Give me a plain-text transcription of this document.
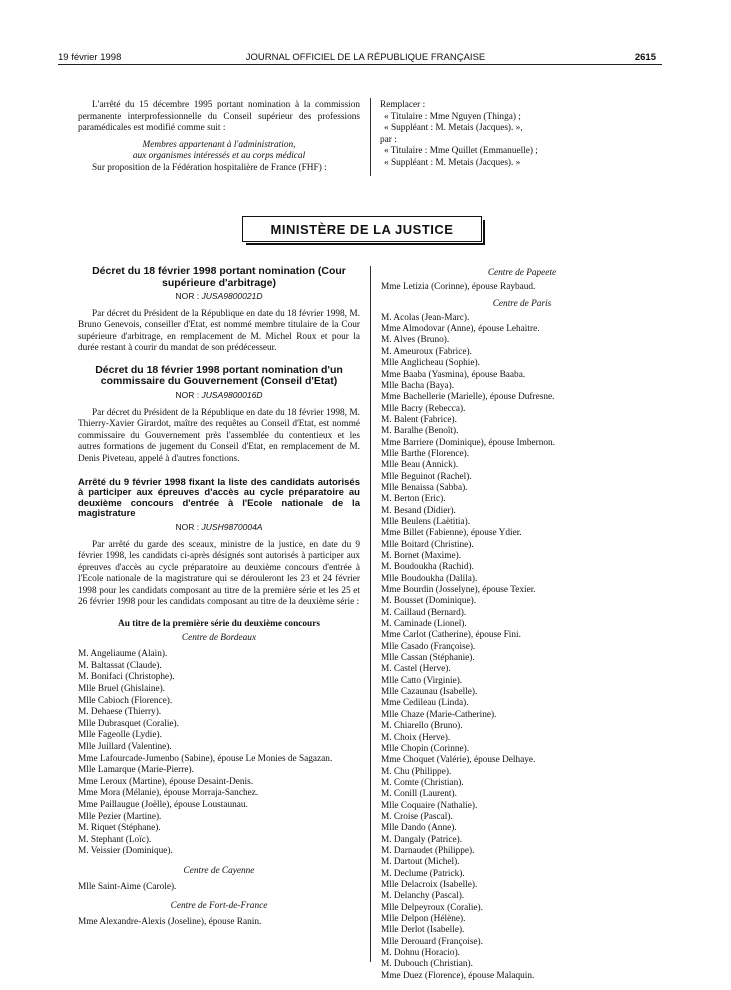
19 février 1998	JOURNAL OFFICIEL DE LA RÉPUBLIQUE FRANÇAISE	2615

L'arrêté du 15 décembre 1995 portant nomination à la commission permanente interprofessionnelle du Conseil supérieur des professions paramédicales est modifié comme suit :

Membres appartenant à l'administration,

aux organismes intéressés et au corps médical

Sur proposition de la Fédération hospitalière de France (FHF) :

Remplacer :

« Titulaire : Mme Nguyen (Thinga) ;

« Suppléant : M. Metais (Jacques). »,

par :

« Titulaire : Mme Quillet (Emmanuelle) ;

« Suppléant : M. Metais (Jacques). »

MINISTÈRE DE LA JUSTICE

Décret du 18 février 1998 portant nomination (Cour supérieure d'arbitrage)

NOR : JUSA9800021D

Par décret du Président de la République en date du 18 février 1998, M. Bruno Genevois, conseiller d'Etat, est nommé membre titulaire de la Cour supérieure d'arbitrage, en remplacement de M. Michel Roux et pour la durée restant à courir du mandat de son prédécesseur.

Décret du 18 février 1998 portant nomination d'un commissaire du Gouvernement (Conseil d'Etat)

NOR : JUSA9800016D

Par décret du Président de la République en date du 18 février 1998, M. Thierry-Xavier Girardot, maître des requêtes au Conseil d'Etat, est nommé commissaire du Gouvernement près l'assemblée du contentieux et les autres formations de jugement du Conseil d'Etat, en remplacement de M. Denis Piveteau, appelé à d'autres fonctions.

Arrêté du 9 février 1998 fixant la liste des candidats autorisés à participer aux épreuves d'accès au cycle préparatoire au deuxième concours d'entrée à l'Ecole nationale de la magistrature

NOR : JUSH9870004A

Par arrêté du garde des sceaux, ministre de la justice, en date du 9 février 1998, les candidats ci-après désignés sont autorisés à participer aux épreuves d'accès au cycle préparatoire au deuxième concours d'entrée à l'Ecole nationale de la magistrature qui se dérouleront les 23 et 24 février 1998 pour les candidats composant au titre de la première série et les 25 et 26 février 1998 pour les candidats composant au titre de la deuxième série :

Au titre de la première série du deuxième concours

Centre de Bordeaux

M. Angeliaume (Alain).

M. Baltassat (Claude).

M. Bonifaci (Christophe).

Mlle Bruel (Ghislaine).

Mlle Cabioch (Florence).

M. Dehaese (Thierry).

Mlle Dubrasquet (Coralie).

Mlle Fageolle (Lydie).

Mlle Juillard (Valentine).

Mme Lafourcade-Jumenbo (Sabine), épouse Le Monies de Sagazan.

Mlle Lamarque (Marie-Pierre).

Mme Leroux (Martine), épouse Desaint-Denis.

Mme Mora (Mélanie), épouse Morraja-Sanchez.

Mme Paillaugue (Joëlle), épouse Loustaunau.

Mlle Pezier (Martine).

M. Riquet (Stéphane).

M. Stephant (Loïc).

M. Veissier (Dominique).

Centre de Cayenne

Mlle Saint-Aime (Carole).

Centre de Fort-de-France

Mme Alexandre-Alexis (Joseline), épouse Ranin.

Centre de Papeete

Mme Letizia (Corinne), épouse Raybaud.

Centre de Paris

M. Acolas (Jean-Marc).

Mme Almodovar (Anne), épouse Lehaitre.

M. Alves (Bruno).

M. Ameuroux (Fabrice).

Mlle Anglicheau (Sophie).

Mme Baaba (Yasmina), épouse Baaba.

Mlle Bacha (Baya).

Mme Bachellerie (Marielle), épouse Dufresne.

Mlle Bacry (Rebecca).

M. Balent (Fabrice).

M. Baralhe (Benoît).

Mme Barriere (Dominique), épouse Imbernon.

Mlle Barthe (Florence).

Mlle Beau (Annick).

Mlle Beguinot (Rachel).

Mlle Benaissa (Sabba).

M. Berton (Eric).

M. Besand (Didier).

Mlle Beulens (Laëtitia).

Mme Billet (Fabienne), épouse Ydier.

Mlle Boitard (Christine).

M. Bornet (Maxime).

M. Boudoukha (Rachid).

Mlle Boudoukha (Dalila).

Mme Bourdin (Josselyne), épouse Texier.

M. Bousset (Dominique).

M. Caillaud (Bernard).

M. Caminade (Lionel).

Mme Carlot (Catherine), épouse Fini.

Mlle Casado (Françoise).

Mlle Cassan (Stéphanie).

M. Castel (Herve).

Mlle Catto (Virginie).

Mlle Cazaunau (Isabelle).

Mme Cedileau (Linda).

Mlle Chaze (Marie-Catherine).

M. Chiarello (Bruno).

M. Choix (Herve).

Mlle Chopin (Corinne).

Mme Choquet (Valérie), épouse Delhaye.

M. Chu (Philippe).

M. Comte (Christian).

M. Conill (Laurent).

Mlle Coquaire (Nathalie).

M. Croise (Pascal).

Mlle Dando (Anne).

M. Dangaly (Patrice).

M. Darnaudet (Philippe).

M. Dartout (Michel).

M. Declume (Patrick).

Mlle Delacroix (Isabelle).

M. Delanchy (Pascal).

Mlle Delpeyroux (Coralie).

Mlle Delpon (Hélène).

Mlle Derlot (Isabelle).

Mlle Derouard (Françoise).

M. Dohnu (Horacio).

M. Dubouch (Christian).

Mme Duez (Florence), épouse Malaquin.
